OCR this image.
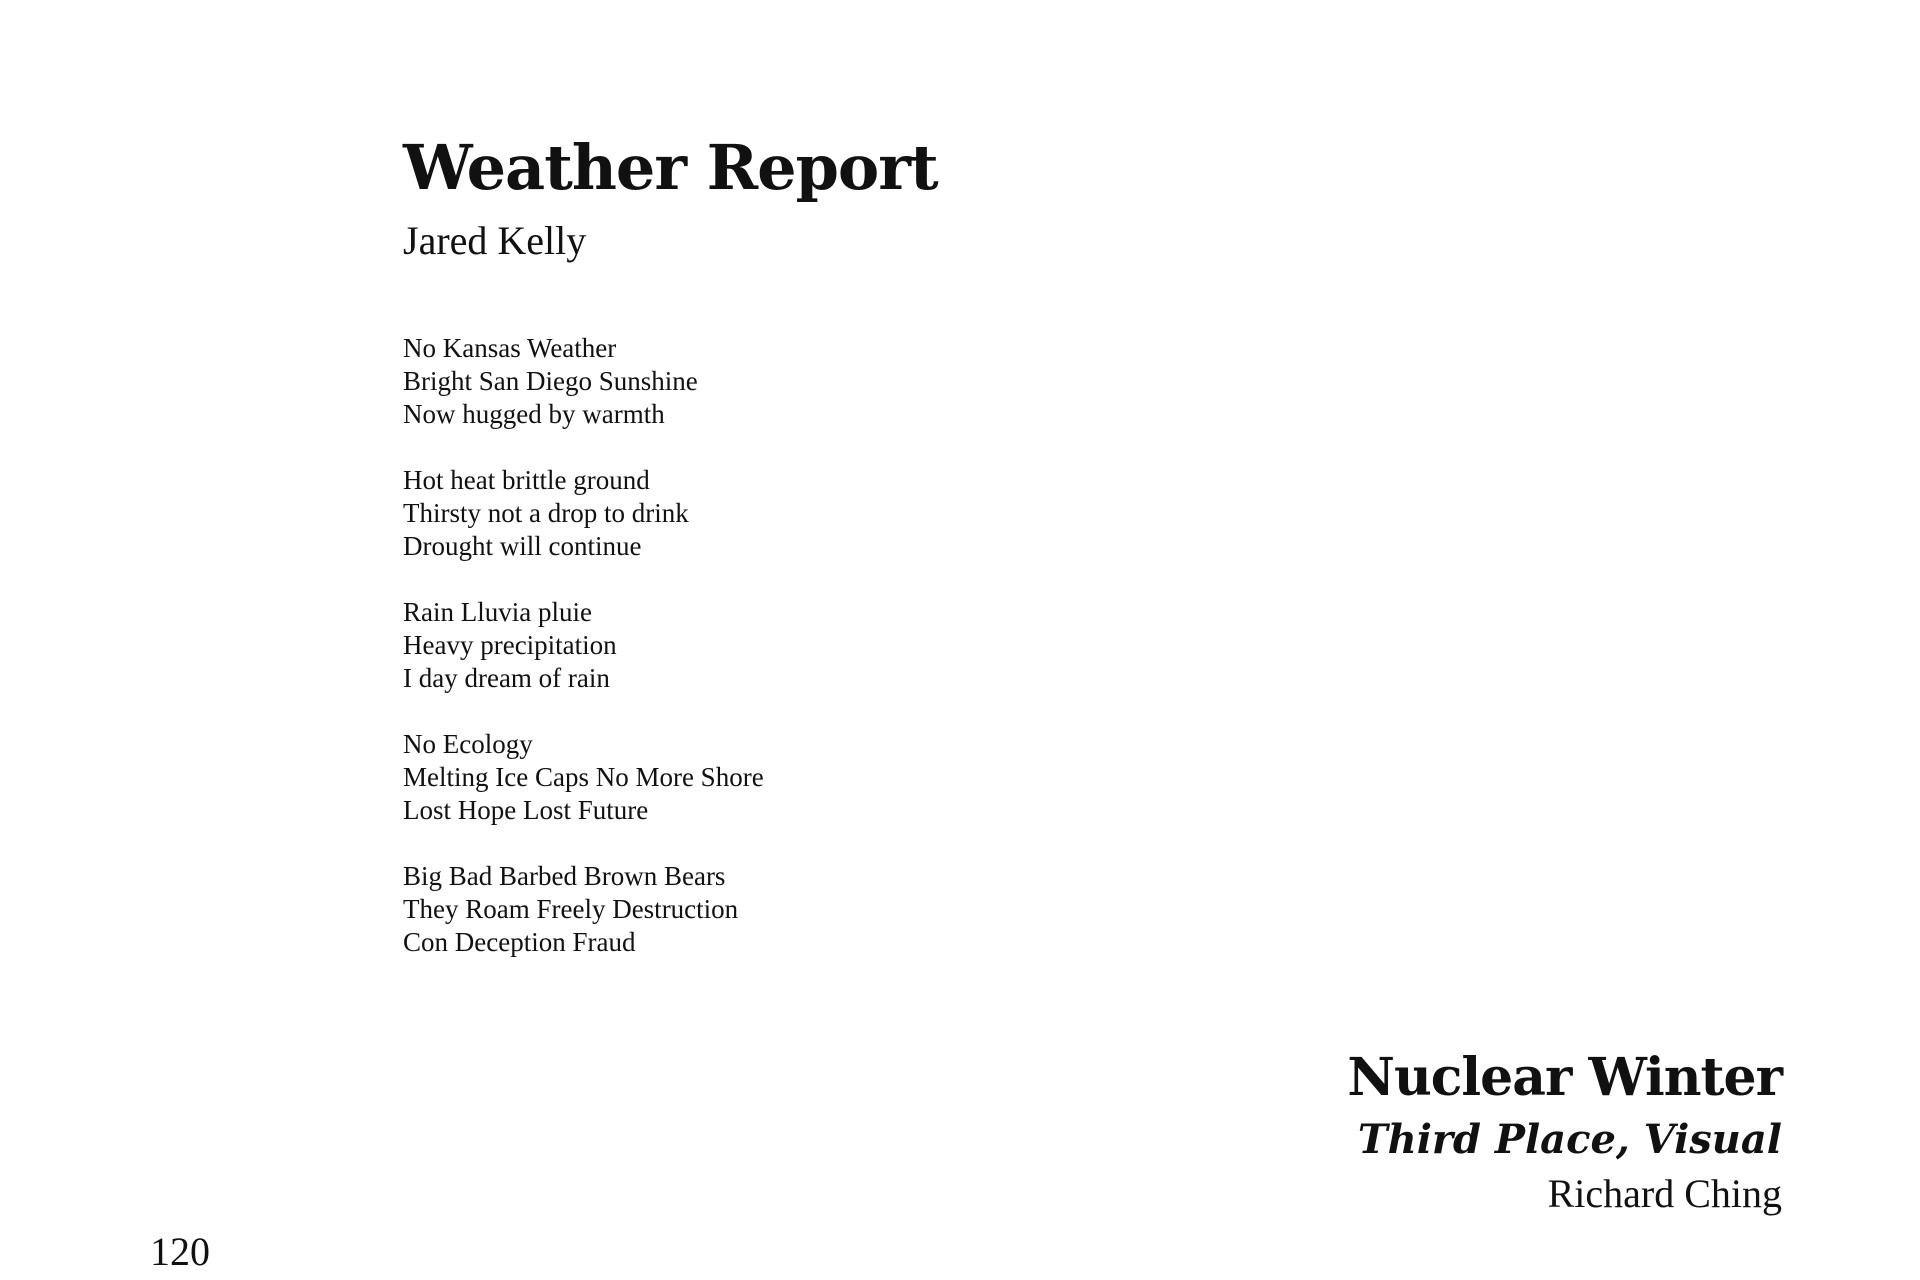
Weather Report
Jared Kelly
No Kansas Weather
Bright San Diego Sunshine
Now hugged by warmth
Hot heat brittle ground
Thirsty not a drop to drink
Drought will continue
Rain Lluvia pluie
Heavy precipitation
I day dream of rain
No Ecology
Melting Ice Caps No More Shore
Lost Hope Lost Future
Big Bad Barbed Brown Bears
They Roam Freely Destruction
Con Deception Fraud
Nuclear Winter
Third Place, Visual
Richard Ching
120
